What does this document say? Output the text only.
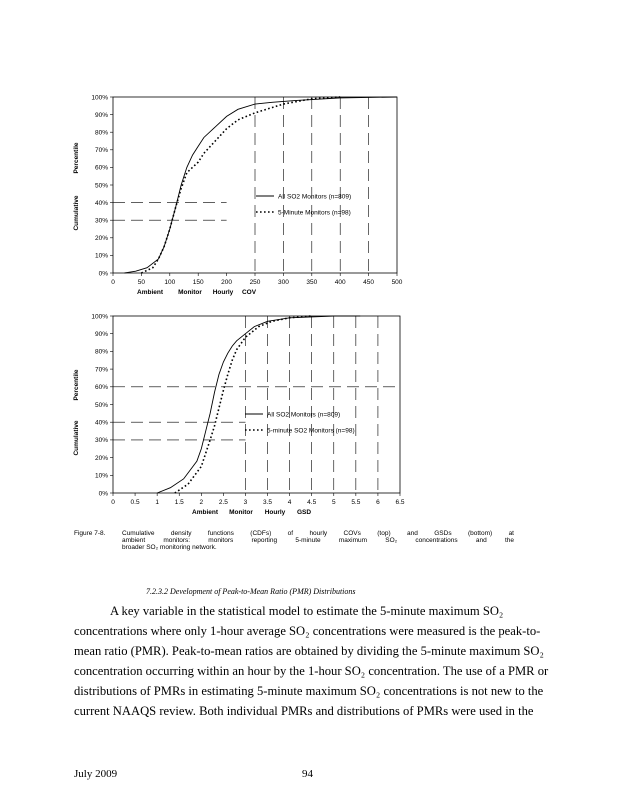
0%
10%
20%
30%
40%
50%
60%
70%
80%
90%
100%
0	50	100	150	200	250	300	350	400	450	500
All SO2 Monitors (n=809)
5-Minute Monitors (n=98)
Ambient Monitor Hourly COV
Cumulative
Percentile
0%
10%
20%
30%
40%
50%
60%
70%
80%
90%
100%
0 0.5 1 1.5 2 2.5 3 3.5 4 4.5 5 5.5 6 6.5
All SO2 Monitors (n=809)
5-minute SO2 Monitors (n=98)
Ambient Monitor Hourly GSD
Cumulative
Percentile
Figure 7-8.	Cumulative density functions (CDFs) of hourly COVs (top) and GSDs (bottom) at
ambient monitors: monitors reporting 5-minute maximum SO₂ concentrations and the
broader SO₂ monitoring network.
7.2.3.2 Development of Peak-to-Mean Ratio (PMR) Distributions
A key variable in the statistical model to estimate the 5-minute maximum SO₂
concentrations where only 1-hour average SO₂ concentrations were measured is the peak-to-
mean ratio (PMR). Peak-to-mean ratios are obtained by dividing the 5-minute maximum SO₂
concentration occurring within an hour by the 1-hour SO₂ concentration. The use of a PMR or
distributions of PMRs in estimating 5-minute maximum SO₂ concentrations is not new to the
current NAAQS review. Both individual PMRs and distributions of PMRs were used in the
July 2009	94
